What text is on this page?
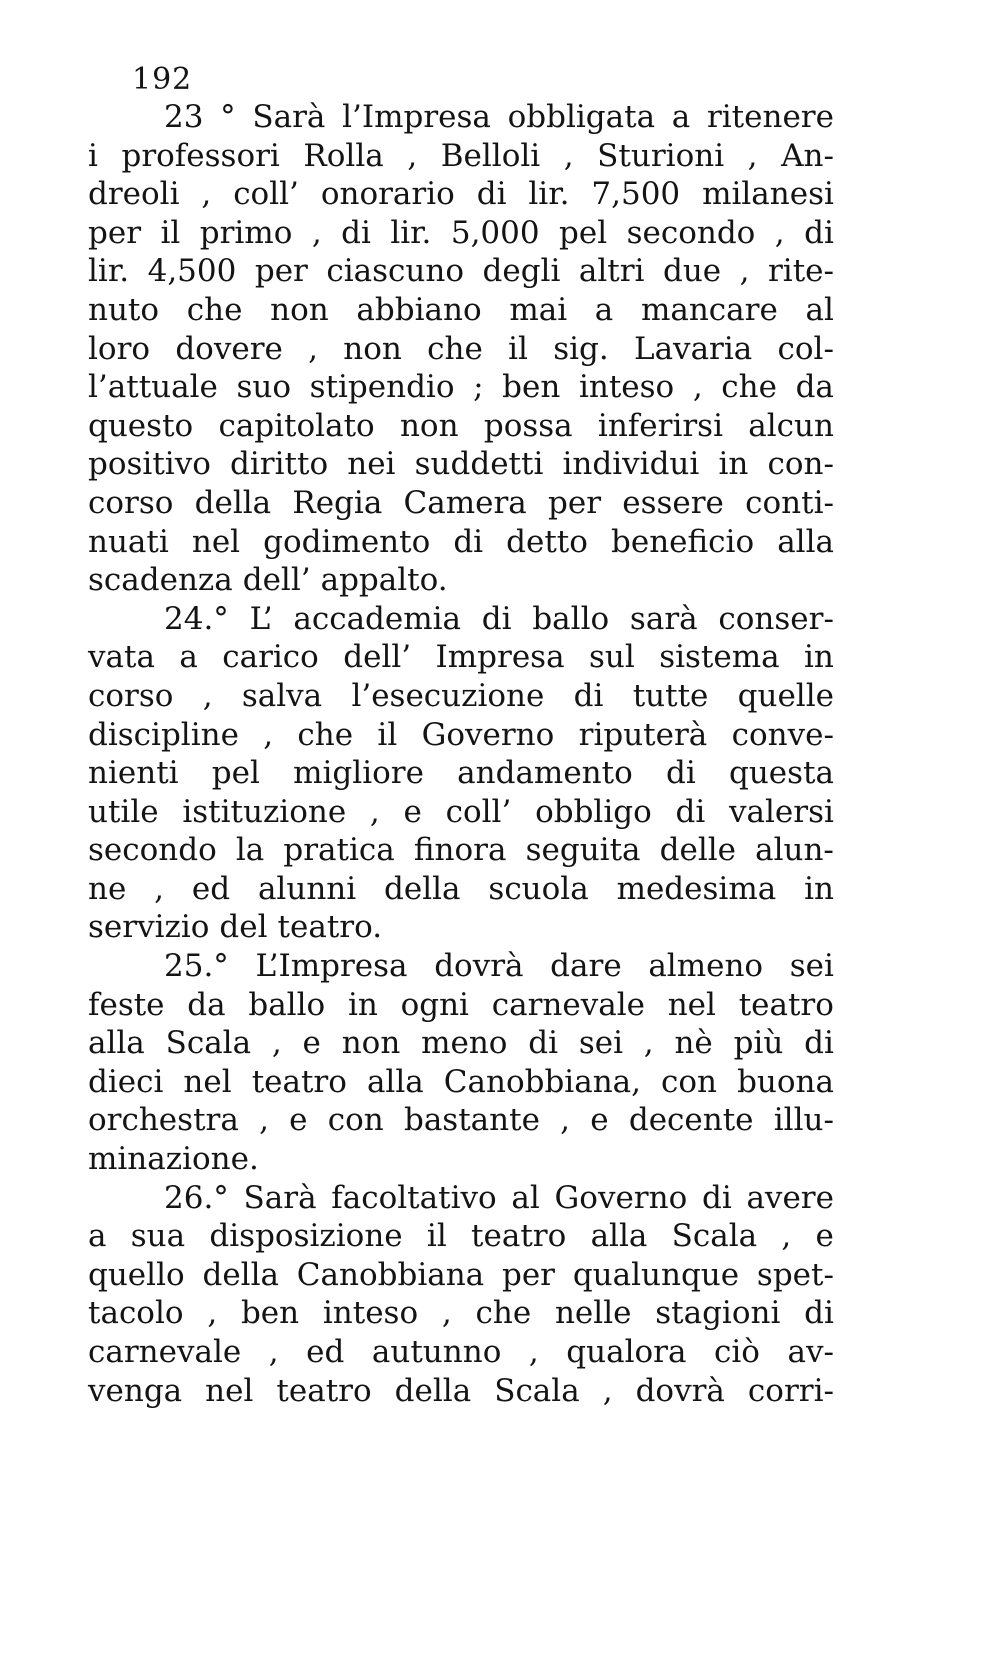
192
23 ° Sarà l’Impresa obbligata a ritenere
i professori Rolla , Belloli , Sturioni , An-
dreoli , coll’ onorario di lir. 7,500 milanesi
per il primo , di lir. 5,000 pel secondo , di
lir. 4,500 per ciascuno degli altri due , rite-
nuto che non abbiano mai a mancare al
loro dovere , non che il sig. Lavaria col-
l’attuale suo stipendio ; ben inteso , che da
questo capitolato non possa inferirsi alcun
positivo diritto nei suddetti individui in con-
corso della Regia Camera per essere conti-
nuati nel godimento di detto beneficio alla
scadenza dell’ appalto.
24.° L’ accademia di ballo sarà conser-
vata a carico dell’ Impresa sul sistema in
corso , salva l’esecuzione di tutte quelle
discipline , che il Governo riputerà conve-
nienti pel migliore andamento di questa
utile istituzione , e coll’ obbligo di valersi
secondo la pratica finora seguita delle alun-
ne , ed alunni della scuola medesima in
servizio del teatro.
25.° L’Impresa dovrà dare almeno sei
feste da ballo in ogni carnevale nel teatro
alla Scala , e non meno di sei , nè più di
dieci nel teatro alla Canobbiana, con buona
orchestra , e con bastante , e decente illu-
minazione.
26.° Sarà facoltativo al Governo di avere
a sua disposizione il teatro alla Scala , e
quello della Canobbiana per qualunque spet-
tacolo , ben inteso , che nelle stagioni di
carnevale , ed autunno , qualora ciò av-
venga nel teatro della Scala , dovrà corri-
